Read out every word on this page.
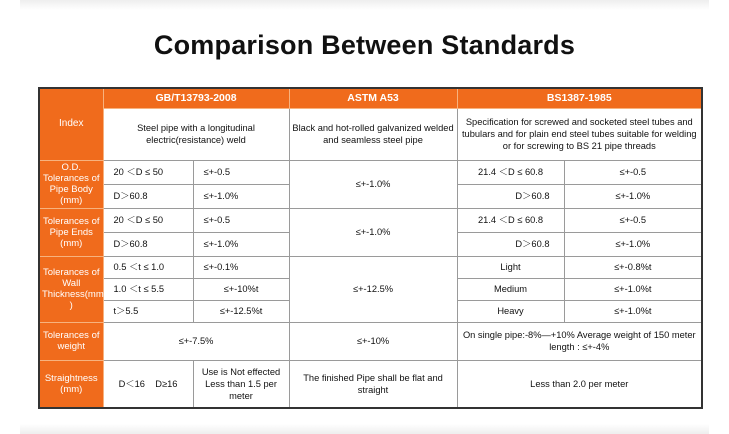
Comparison Between Standards
Index	GB/T13793-2008		ASTM A53	BS1387-1985	
	Steel pipe with a longitudinal electric(resistance) weld		Black and hot-rolled galvanized welded and seamless steel pipe	Specification for screwed and socketed steel tubes and tubulars and for plain end steel tubes suitable for welding or for screwing to BS 21 pipe threads	
O.D. Tolerances of Pipe Body (mm)	20 ＜D ≤ 50	≤+-0.5	≤+-1.0%	21.4 ＜D ≤ 60.8	≤+-0.5
	D＞60.8	≤+-1.0%		D＞60.8	≤+-1.0%
Tolerances of Pipe Ends (mm)	20 ＜D ≤ 50	≤+-0.5	≤+-1.0%	21.4 ＜D ≤ 60.8	≤+-0.5
	D＞60.8	≤+-1.0%		D＞60.8	≤+-1.0%
Tolerances of Wall Thickness(mm )	0.5 ＜t ≤ 1.0	≤+-0.1%	≤+-12.5%	Light	≤+-0.8%t
	1.0 ＜t ≤ 5.5	≤+-10%t		Medium	≤+-1.0%t
	t＞5.5	≤+-12.5%t		Heavy	≤+-1.0%t
Tolerances of weight	≤+-7.5%		≤+-10%	On single pipe:-8%—+10% Average weight of 150 meter length : ≤+-4%	
Straightness (mm)	D＜16    D≥16	Use is Not effected Less than 1.5 per meter	The finished Pipe shall be flat and straight	Less than 2.0 per meter	
